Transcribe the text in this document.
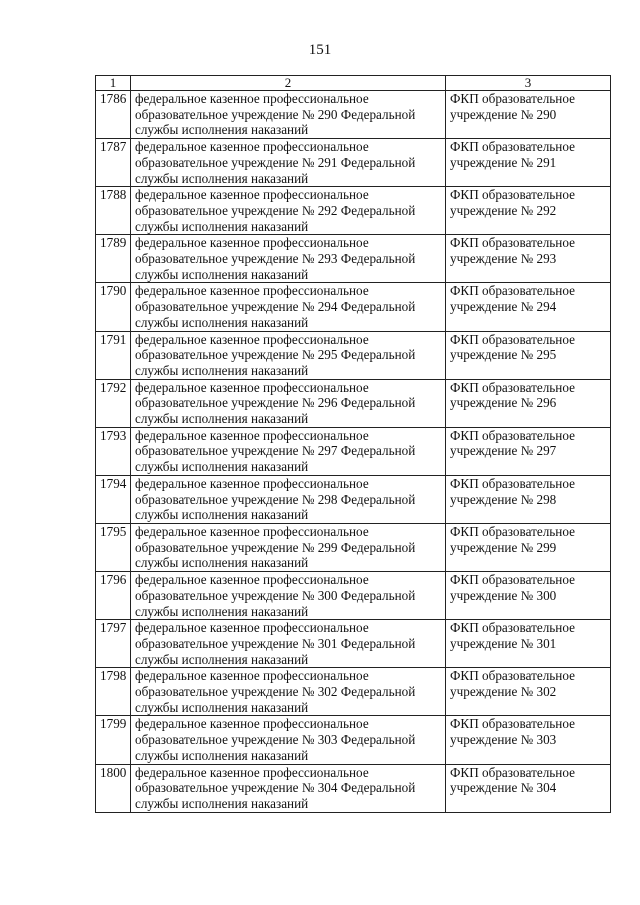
151
1	2	3
1786	федеральное казенное профессиональное образовательное учреждение № 290 Федеральной службы исполнения наказаний	ФКП образовательное учреждение № 290
1787	федеральное казенное профессиональное образовательное учреждение № 291 Федеральной службы исполнения наказаний	ФКП образовательное учреждение № 291
1788	федеральное казенное профессиональное образовательное учреждение № 292 Федеральной службы исполнения наказаний	ФКП образовательное учреждение № 292
1789	федеральное казенное профессиональное образовательное учреждение № 293 Федеральной службы исполнения наказаний	ФКП образовательное учреждение № 293
1790	федеральное казенное профессиональное образовательное учреждение № 294 Федеральной службы исполнения наказаний	ФКП образовательное учреждение № 294
1791	федеральное казенное профессиональное образовательное учреждение № 295 Федеральной службы исполнения наказаний	ФКП образовательное учреждение № 295
1792	федеральное казенное профессиональное образовательное учреждение № 296 Федеральной службы исполнения наказаний	ФКП образовательное учреждение № 296
1793	федеральное казенное профессиональное образовательное учреждение № 297 Федеральной службы исполнения наказаний	ФКП образовательное учреждение № 297
1794	федеральное казенное профессиональное образовательное учреждение № 298 Федеральной службы исполнения наказаний	ФКП образовательное учреждение № 298
1795	федеральное казенное профессиональное образовательное учреждение № 299 Федеральной службы исполнения наказаний	ФКП образовательное учреждение № 299
1796	федеральное казенное профессиональное образовательное учреждение № 300 Федеральной службы исполнения наказаний	ФКП образовательное учреждение № 300
1797	федеральное казенное профессиональное образовательное учреждение № 301 Федеральной службы исполнения наказаний	ФКП образовательное учреждение № 301
1798	федеральное казенное профессиональное образовательное учреждение № 302 Федеральной службы исполнения наказаний	ФКП образовательное учреждение № 302
1799	федеральное казенное профессиональное образовательное учреждение № 303 Федеральной службы исполнения наказаний	ФКП образовательное учреждение № 303
1800	федеральное казенное профессиональное образовательное учреждение № 304 Федеральной службы исполнения наказаний	ФКП образовательное учреждение № 304
